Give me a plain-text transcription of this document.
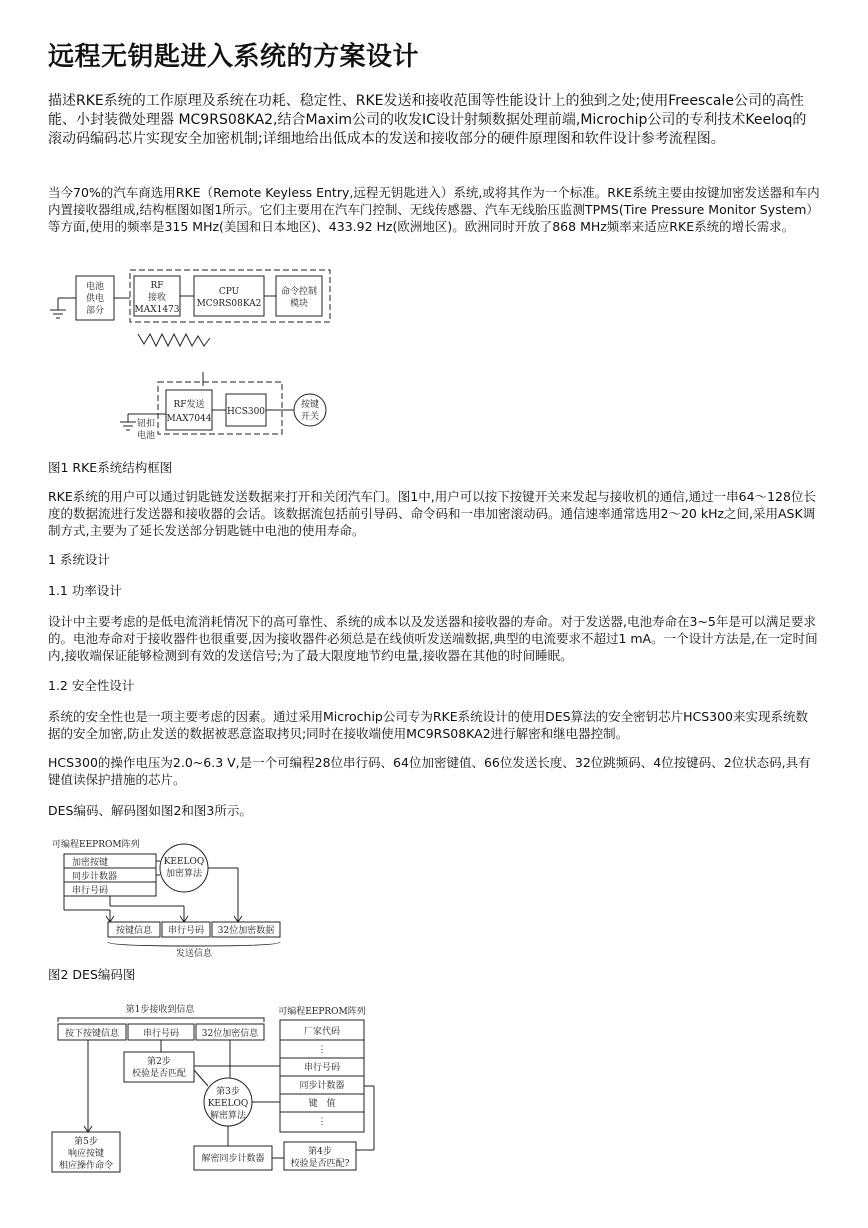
远程无钥匙进入系统的方案设计

描述RKE系统的工作原理及系统在功耗、稳定性、RKE发送和接收范围等性能设计上的独到之处;使用Freescale公司的高性能、小封装微处理器 MC9RS08KA2,结合Maxim公司的收发IC设计射频数据处理前端,Microchip公司的专利技术Keeloq的滚动码编码芯片实现安全加密机制;详细地给出低成本的发送和接收部分的硬件原理图和软件设计参考流程图。

当今70%的汽车商选用RKE（Remote Keyless Entry,远程无钥匙进入）系统,或将其作为一个标准。RKE系统主要由按键加密发送器和车内内置接收器组成,结构框图如图1所示。它们主要用在汽车门控制、无线传感器、汽车无线胎压监测TPMS(Tire Pressure Monitor System）等方面,使用的频率是315 MHz(美国和日本地区)、433.92 Hz(欧洲地区)。欧洲同时开放了868 MHz频率来适应RKE系统的增长需求。

电池
供电
部分
RF
接收
MAX1473
CPU
MC9RS08KA2
命令控制
模块
RF发送
MAX7044
HCS300
按键
开关
钮扣
电池

图1 RKE系统结构框图

RKE系统的用户可以通过钥匙链发送数据来打开和关闭汽车门。图1中,用户可以按下按键开关来发起与接收机的通信,通过一串64～128位长度的数据流进行发送器和接收器的会话。该数据流包括前引导码、命令码和一串加密滚动码。通信速率通常选用2～20 kHz之间,采用ASK调制方式,主要为了延长发送部分钥匙链中电池的使用寿命。

1 系统设计

1.1 功率设计

设计中主要考虑的是低电流消耗情况下的高可靠性、系统的成本以及发送器和接收器的寿命。对于发送器,电池寿命在3~5年是可以满足要求的。电池寿命对于接收器件也很重要,因为接收器件必须总是在线侦听发送端数据,典型的电流要求不超过1 mA。一个设计方法是,在一定时间内,接收端保证能够检测到有效的发送信号;为了最大限度地节约电量,接收器在其他的时间睡眠。

1.2 安全性设计

系统的安全性也是一项主要考虑的因素。通过采用Microchip公司专为RKE系统设计的使用DES算法的安全密钥芯片HCS300来实现系统数据的安全加密,防止发送的数据被恶意盗取拷贝;同时在接收端使用MC9RS08KA2进行解密和继电器控制。

HCS300的操作电压为2.0~6.3 V,是一个可编程28位串行码、64位加密键值、66位发送长度、32位跳频码、4位按键码、2位状态码,具有键值读保护措施的芯片。

DES编码、解码图如图2和图3所示。

可编程EEPROM阵列
加密按键
同步计数器
串行号码
KEELOQ
加密算法
按键信息 串行号码 32位加密数据
发送信息

图2 DES编码图

第1步接收到信息	可编程EEPROM阵列
按下按键信息	串行号码	32位加密信息	厂家代码
⋮
串行号码
同步计数器
键　值
⋮
第2步
校验是否匹配
第3步
KEELOQ
解密算法
第5步
响应按键
相应操作命令
解密同步计数器
第4步
校验是否匹配?
